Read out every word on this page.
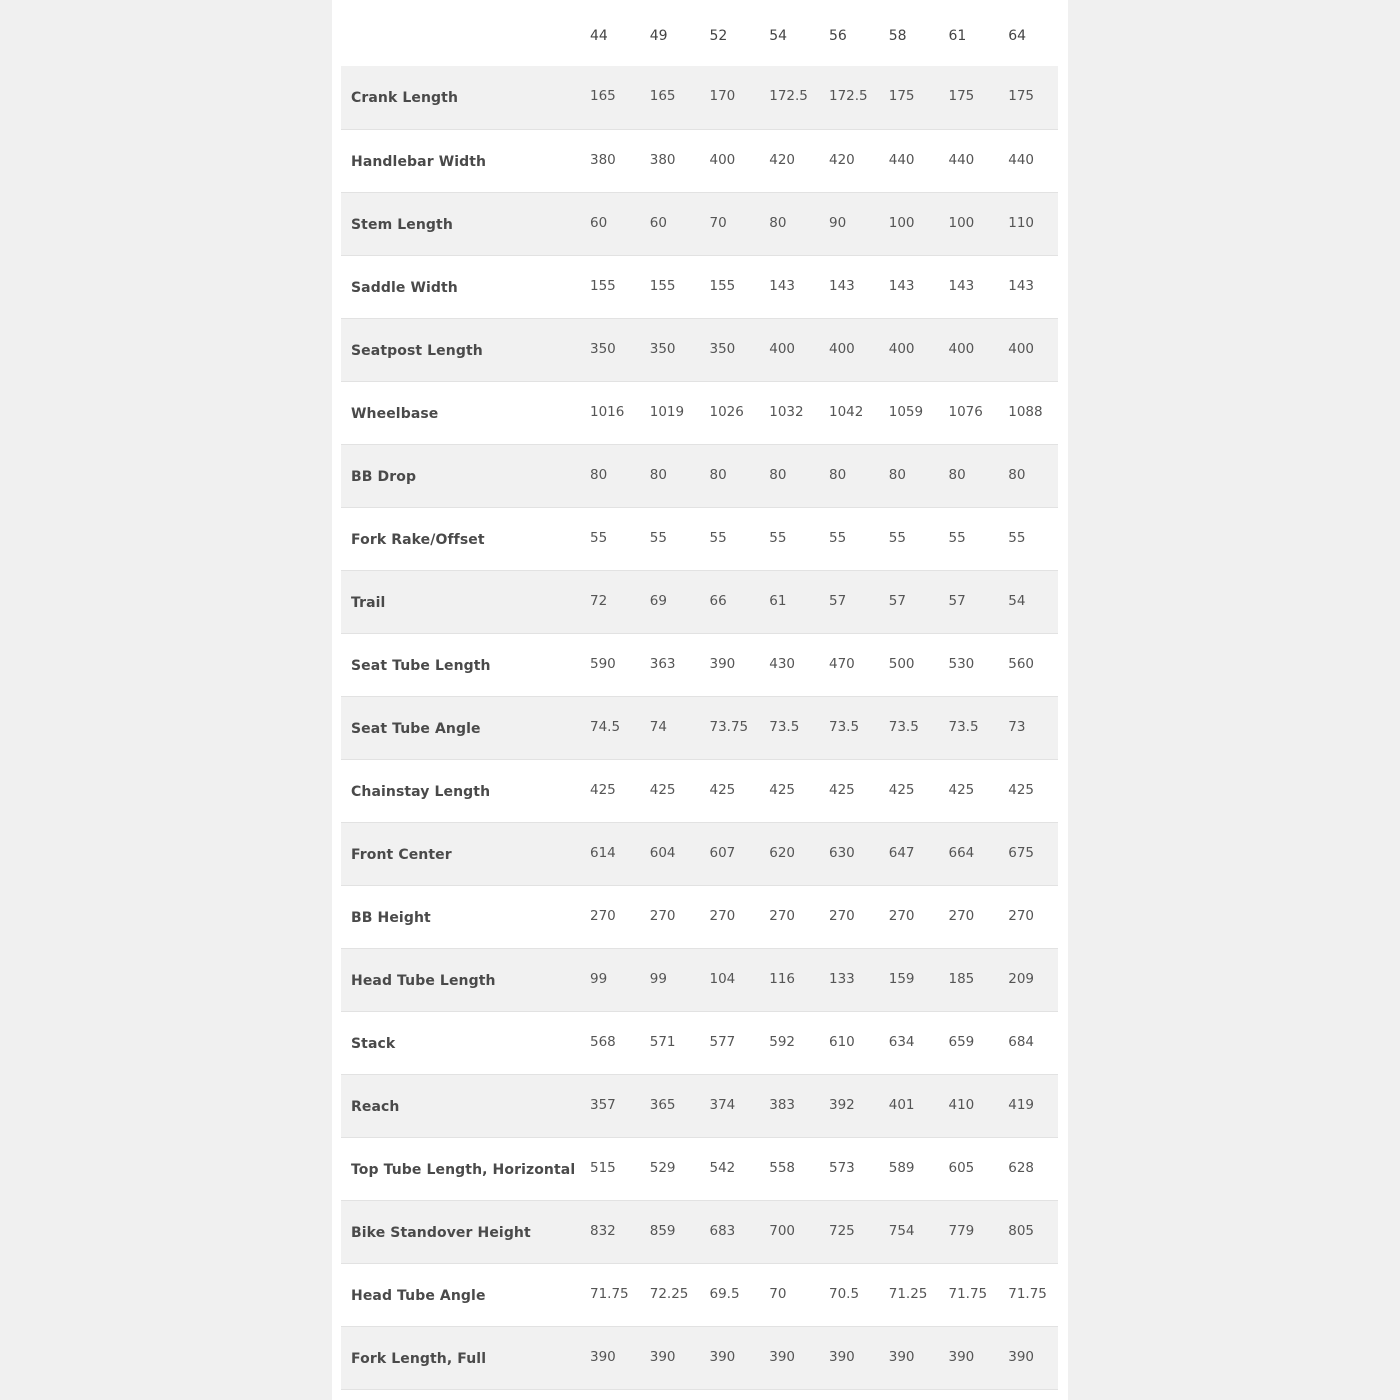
	44	49	52	54	56	58	61	64
Crank Length	165	165	170	172.5	172.5	175	175	175
Handlebar Width	380	380	400	420	420	440	440	440
Stem Length	60	60	70	80	90	100	100	110
Saddle Width	155	155	155	143	143	143	143	143
Seatpost Length	350	350	350	400	400	400	400	400
Wheelbase	1016	1019	1026	1032	1042	1059	1076	1088
BB Drop	80	80	80	80	80	80	80	80
Fork Rake/Offset	55	55	55	55	55	55	55	55
Trail	72	69	66	61	57	57	57	54
Seat Tube Length	590	363	390	430	470	500	530	560
Seat Tube Angle	74.5	74	73.75	73.5	73.5	73.5	73.5	73
Chainstay Length	425	425	425	425	425	425	425	425
Front Center	614	604	607	620	630	647	664	675
BB Height	270	270	270	270	270	270	270	270
Head Tube Length	99	99	104	116	133	159	185	209
Stack	568	571	577	592	610	634	659	684
Reach	357	365	374	383	392	401	410	419
Top Tube Length, Horizontal	515	529	542	558	573	589	605	628
Bike Standover Height	832	859	683	700	725	754	779	805
Head Tube Angle	71.75	72.25	69.5	70	70.5	71.25	71.75	71.75
Fork Length, Full	390	390	390	390	390	390	390	390
